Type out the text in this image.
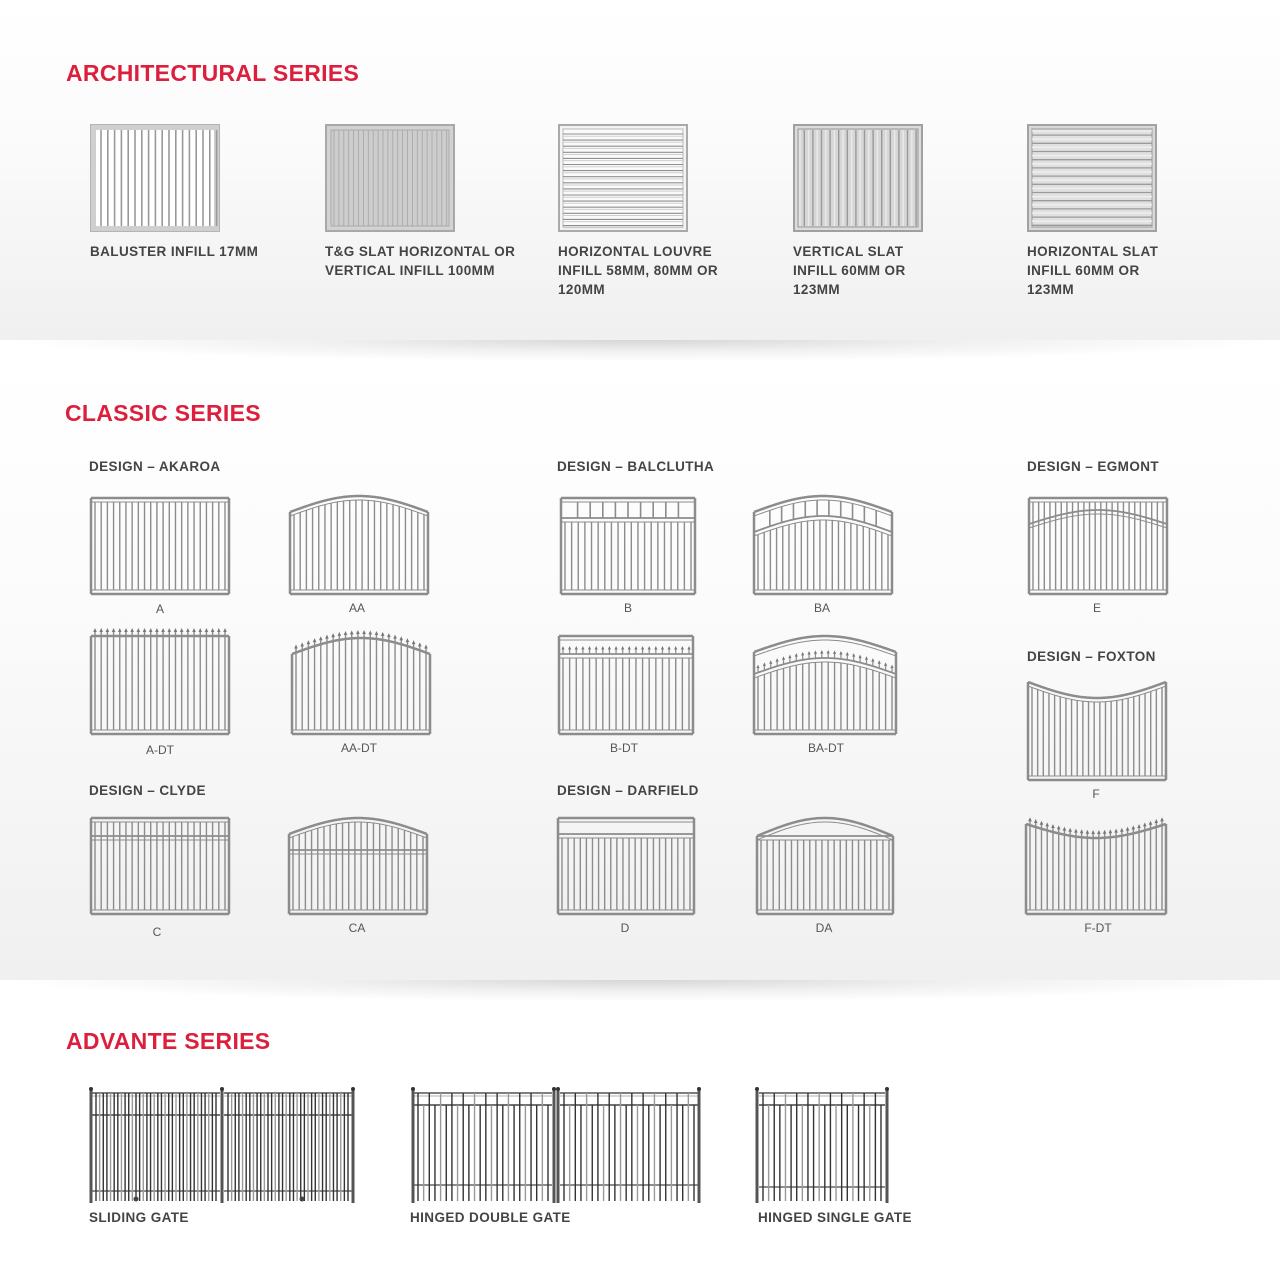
ARCHITECTURAL SERIES
BALUSTER INFILL 17MM	T&G SLAT HORIZONTAL OR VERTICAL INFILL 100MM
HORIZONTAL LOUVRE INFILL 58MM, 80MM OR 120MM
VERTICAL SLAT INFILL 60MM OR 123MM
HORIZONTAL SLAT INFILL 60MM OR 123MM
CLASSIC SERIES
DESIGN – AKAROA	DESIGN – BALCLUTHA	DESIGN – EGMONT
DESIGN – FOXTON
DESIGN – CLYDE	DESIGN – DARFIELD
A	AA
A-DT	AA-DT
B	BA
B-DT	BA-DT
E
F
F-DT
C	CA	D	DA
ADVANTE SERIES
SLIDING GATE	HINGED DOUBLE GATE	HINGED SINGLE GATE
